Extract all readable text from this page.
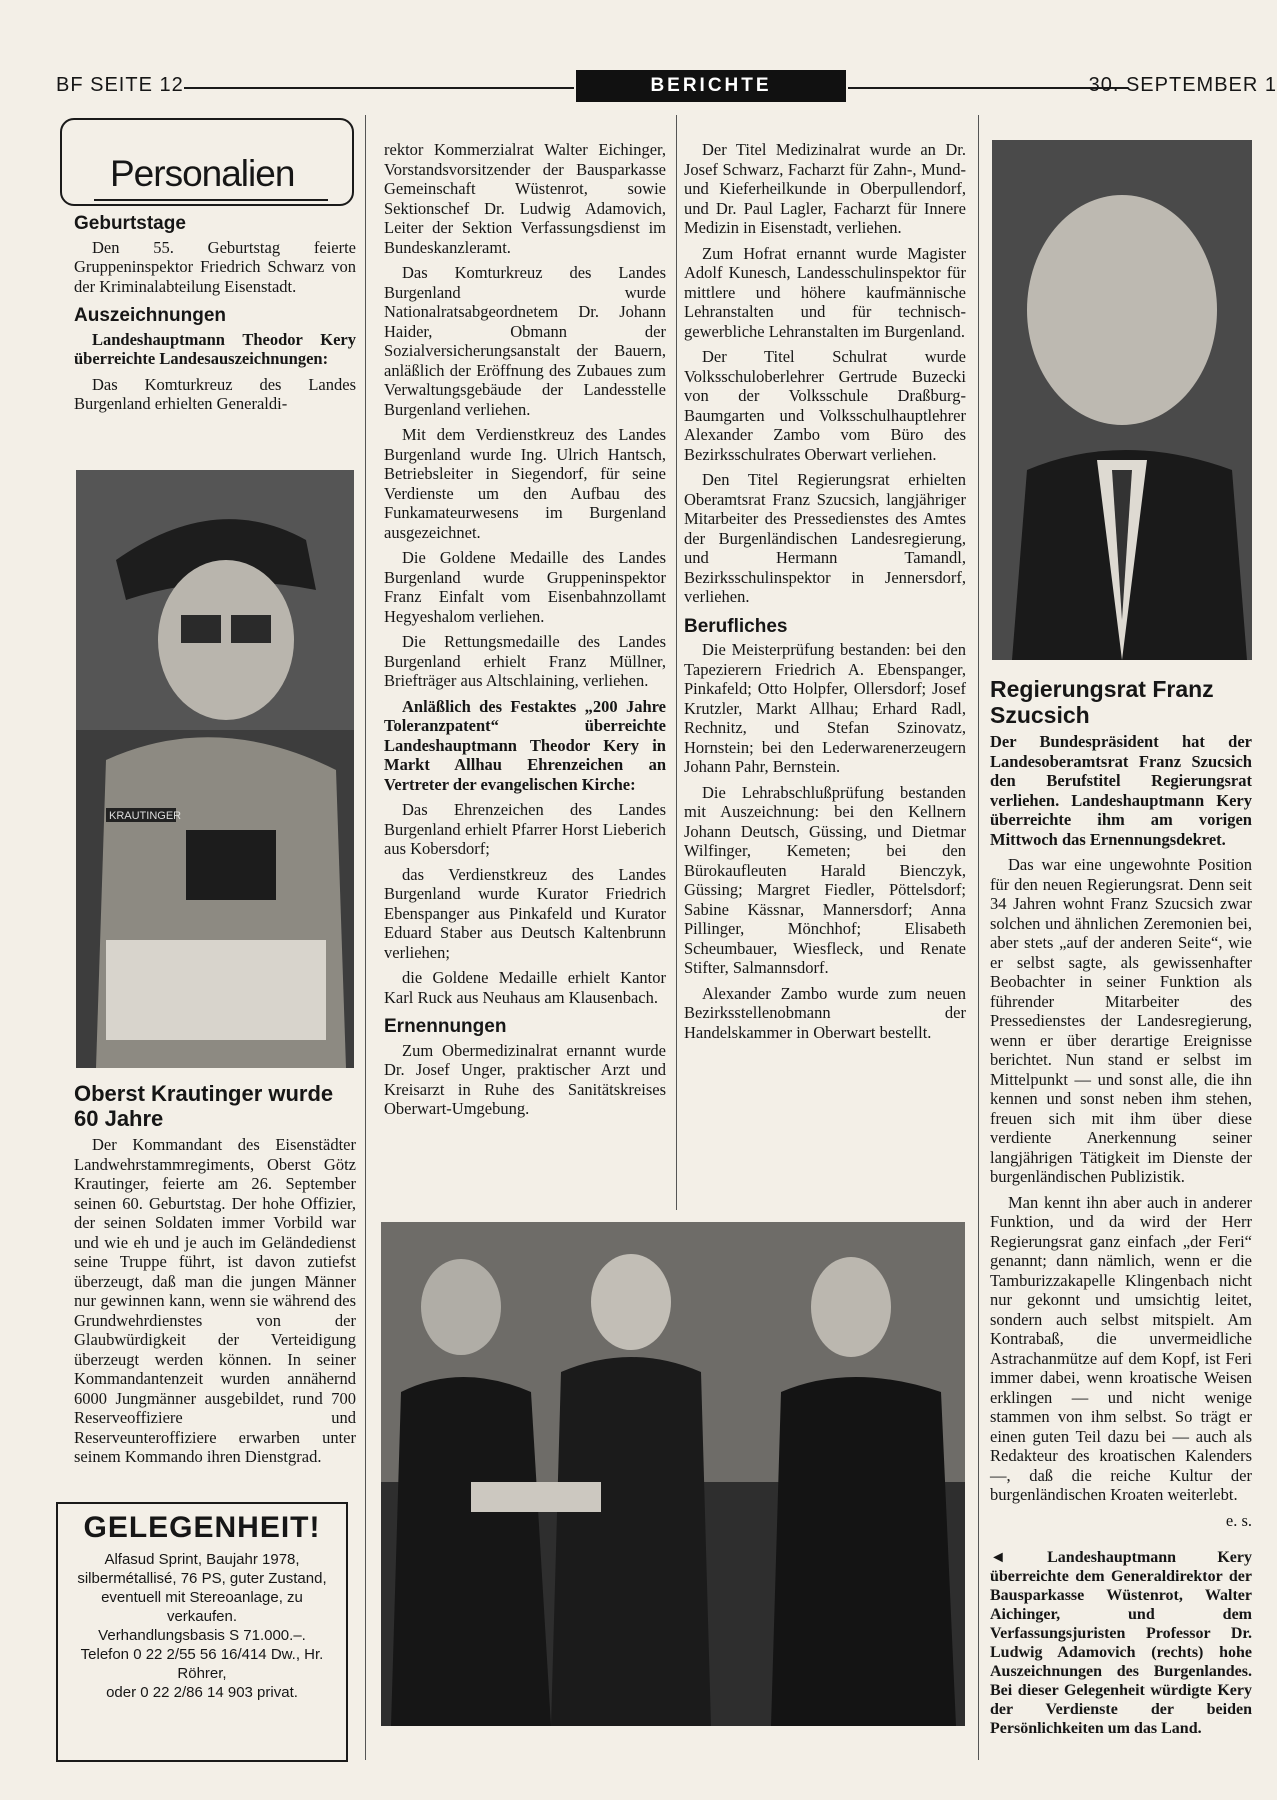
BF SEITE 12	BERICHTE	30. SEPTEMBER 1
Personalien
Geburtstage

Den 55. Geburtstag feierte Gruppeninspektor Friedrich Schwarz von der Kriminalabteilung Eisenstadt.

Auszeichnungen

Landeshauptmann Theodor Kery überreichte Landesauszeichnungen:

Das Komturkreuz des Landes Burgenland erhielten Generaldi-

KRAUTINGER
Oberst Krautinger wurde 60 Jahre

Der Kommandant des Eisenstädter Landwehrstammregiments, Oberst Götz Krautinger, feierte am 26. September seinen 60. Geburtstag. Der hohe Offizier, der seinen Soldaten immer Vorbild war und wie eh und je auch im Geländedienst seine Truppe führt, ist davon zutiefst überzeugt, daß man die jungen Männer nur gewinnen kann, wenn sie während des Grundwehrdienstes von der Glaubwürdigkeit der Verteidigung überzeugt werden können. In seiner Kommandantenzeit wurden annähernd 6000 Jungmänner ausgebildet, rund 700 Reserveoffiziere und Reserveunteroffiziere erwarben unter seinem Kommando ihren Dienstgrad.

GELEGENHEIT!
Alfasud Sprint, Baujahr 1978, silbermétallisé, 76 PS, guter Zustand, eventuell mit Stereoanlage, zu verkaufen.
Verhandlungsbasis S 71.000.–.
Telefon 0 22 2/55 56 16/414 Dw., Hr. Röhrer,
oder 0 22 2/86 14 903 privat.

rektor Kommerzialrat Walter Eichinger, Vorstandsvorsitzender der Bausparkasse Gemeinschaft Wüstenrot, sowie Sektionschef Dr. Ludwig Adamovich, Leiter der Sektion Verfassungsdienst im Bundeskanzleramt.

Das Komturkreuz des Landes Burgenland wurde Nationalratsabgeordnetem Dr. Johann Haider, Obmann der Sozialversicherungsanstalt der Bauern, anläßlich der Eröffnung des Zubaues zum Verwaltungsgebäude der Landesstelle Burgenland verliehen.

Mit dem Verdienstkreuz des Landes Burgenland wurde Ing. Ulrich Hantsch, Betriebsleiter in Siegendorf, für seine Verdienste um den Aufbau des Funkamateurwesens im Burgenland ausgezeichnet.

Die Goldene Medaille des Landes Burgenland wurde Gruppeninspektor Franz Einfalt vom Eisenbahnzollamt Hegyeshalom verliehen.

Die Rettungsmedaille des Landes Burgenland erhielt Franz Müllner, Briefträger aus Altschlaining, verliehen.

Anläßlich des Festaktes „200 Jahre Toleranzpatent“ überreichte Landeshauptmann Theodor Kery in Markt Allhau Ehrenzeichen an Vertreter der evangelischen Kirche:

Das Ehrenzeichen des Landes Burgenland erhielt Pfarrer Horst Lieberich aus Kobersdorf;

das Verdienstkreuz des Landes Burgenland wurde Kurator Friedrich Ebenspanger aus Pinkafeld und Kurator Eduard Staber aus Deutsch Kaltenbrunn verliehen;

die Goldene Medaille erhielt Kantor Karl Ruck aus Neuhaus am Klausenbach.

Ernennungen

Zum Obermedizinalrat ernannt wurde Dr. Josef Unger, praktischer Arzt und Kreisarzt in Ruhe des Sanitätskreises Oberwart-Umgebung.

Der Titel Medizinalrat wurde an Dr. Josef Schwarz, Facharzt für Zahn-, Mund- und Kieferheilkunde in Oberpullendorf, und Dr. Paul Lagler, Facharzt für Innere Medizin in Eisenstadt, verliehen.

Zum Hofrat ernannt wurde Magister Adolf Kunesch, Landesschulinspektor für mittlere und höhere kaufmännische Lehranstalten und für technisch-gewerbliche Lehranstalten im Burgenland.

Der Titel Schulrat wurde Volksschuloberlehrer Gertrude Buzecki von der Volksschule Draßburg-Baumgarten und Volksschulhauptlehrer Alexander Zambo vom Büro des Bezirksschulrates Oberwart verliehen.

Den Titel Regierungsrat erhielten Oberamtsrat Franz Szucsich, langjähriger Mitarbeiter des Pressedienstes des Amtes der Burgenländischen Landesregierung, und Hermann Tamandl, Bezirksschulinspektor in Jennersdorf, verliehen.

Berufliches

Die Meisterprüfung bestanden: bei den Tapezierern Friedrich A. Ebenspanger, Pinkafeld; Otto Holpfer, Ollersdorf; Josef Krutzler, Markt Allhau; Erhard Radl, Rechnitz, und Stefan Szinovatz, Hornstein; bei den Lederwarenerzeugern Johann Pahr, Bernstein.

Die Lehrabschlußprüfung bestanden mit Auszeichnung: bei den Kellnern Johann Deutsch, Güssing, und Dietmar Wilfinger, Kemeten; bei den Bürokaufleuten Harald Bienczyk, Güssing; Margret Fiedler, Pöttelsdorf; Sabine Kässnar, Mannersdorf; Anna Pillinger, Mönchhof; Elisabeth Scheumbauer, Wiesfleck, und Renate Stifter, Salmannsdorf.

Alexander Zambo wurde zum neuen Bezirksstellenobmann der Handelskammer in Oberwart bestellt.

Regierungsrat Franz Szucsich

Der Bundespräsident hat der Landesoberamtsrat Franz Szucsich den Berufstitel Regierungsrat verliehen. Landeshauptmann Kery überreichte ihm am vorigen Mittwoch das Ernennungsdekret.

Das war eine ungewohnte Position für den neuen Regierungsrat. Denn seit 34 Jahren wohnt Franz Szucsich zwar solchen und ähnlichen Zeremonien bei, aber stets „auf der anderen Seite“, wie er selbst sagte, als gewissenhafter Beobachter in seiner Funktion als führender Mitarbeiter des Pressedienstes der Landesregierung, wenn er über derartige Ereignisse berichtet. Nun stand er selbst im Mittelpunkt — und sonst alle, die ihn kennen und sonst neben ihm stehen, freuen sich mit ihm über diese verdiente Anerkennung seiner langjährigen Tätigkeit im Dienste der burgenländischen Publizistik.

Man kennt ihn aber auch in anderer Funktion, und da wird der Herr Regierungsrat ganz einfach „der Feri“ genannt; dann nämlich, wenn er die Tamburizzakapelle Klingenbach nicht nur gekonnt und umsichtig leitet, sondern auch selbst mitspielt. Am Kontrabaß, die unvermeidliche Astrachanmütze auf dem Kopf, ist Feri immer dabei, wenn kroatische Weisen erklingen — und nicht wenige stammen von ihm selbst. So trägt er einen guten Teil dazu bei — auch als Redakteur des kroatischen Kalenders —, daß die reiche Kultur der burgenländischen Kroaten weiterlebt.

e. s.

◄ Landeshauptmann Kery überreichte dem Generaldirektor der Bausparkasse Wüstenrot, Walter Aichinger, und dem Verfassungsjuristen Professor Dr. Ludwig Adamovich (rechts) hohe Auszeichnungen des Burgenlandes. Bei dieser Gelegenheit würdigte Kery der Verdienste der beiden Persönlichkeiten um das Land.
